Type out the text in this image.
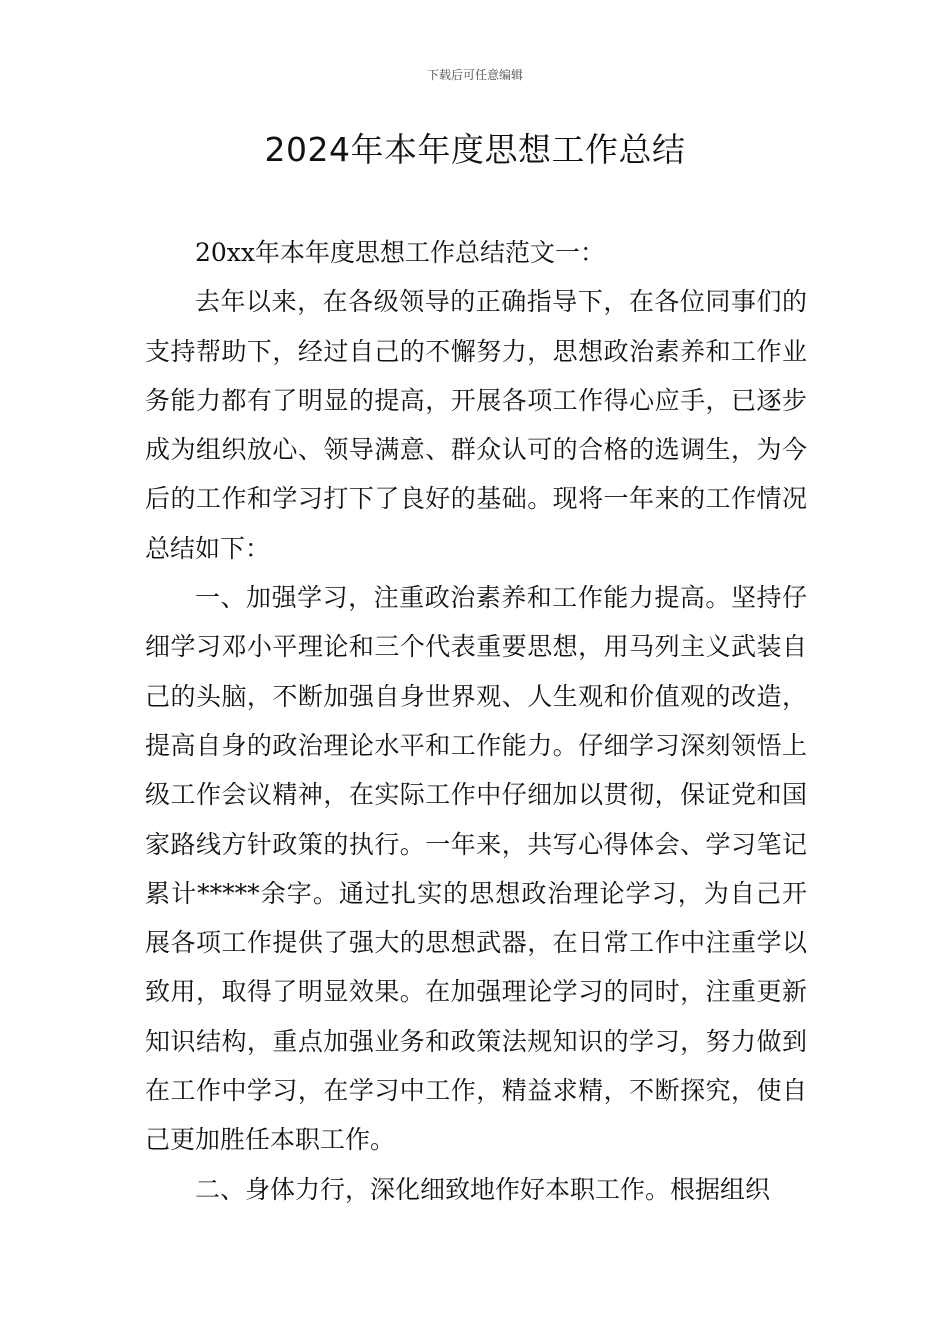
下载后可任意编辑
2024年本年度思想工作总结

20xx年本年度思想工作总结范文一：

去年以来，在各级领导的正确指导下，在各位同事们的支持帮助下，经过自己的不懈努力，思想政治素养和工作业务能力都有了明显的提高，开展各项工作得心应手，已逐步成为组织放心、领导满意、群众认可的合格的选调生，为今后的工作和学习打下了良好的基础。现将一年来的工作情况总结如下：

一、加强学习，注重政治素养和工作能力提高。坚持仔细学习邓小平理论和三个代表重要思想，用马列主义武装自己的头脑，不断加强自身世界观、人生观和价值观的改造，提高自身的政治理论水平和工作能力。仔细学习深刻领悟上级工作会议精神，在实际工作中仔细加以贯彻，保证党和国家路线方针政策的执行。一年来，共写心得体会、学习笔记累计*****余字。通过扎实的思想政治理论学习，为自己开展各项工作提供了强大的思想武器，在日常工作中注重学以致用，取得了明显效果。在加强理论学习的同时，注重更新知识结构，重点加强业务和政策法规知识的学习，努力做到在工作中学习，在学习中工作，精益求精，不断探究，使自己更加胜任本职工作。

二、身体力行，深化细致地作好本职工作。根据组织
